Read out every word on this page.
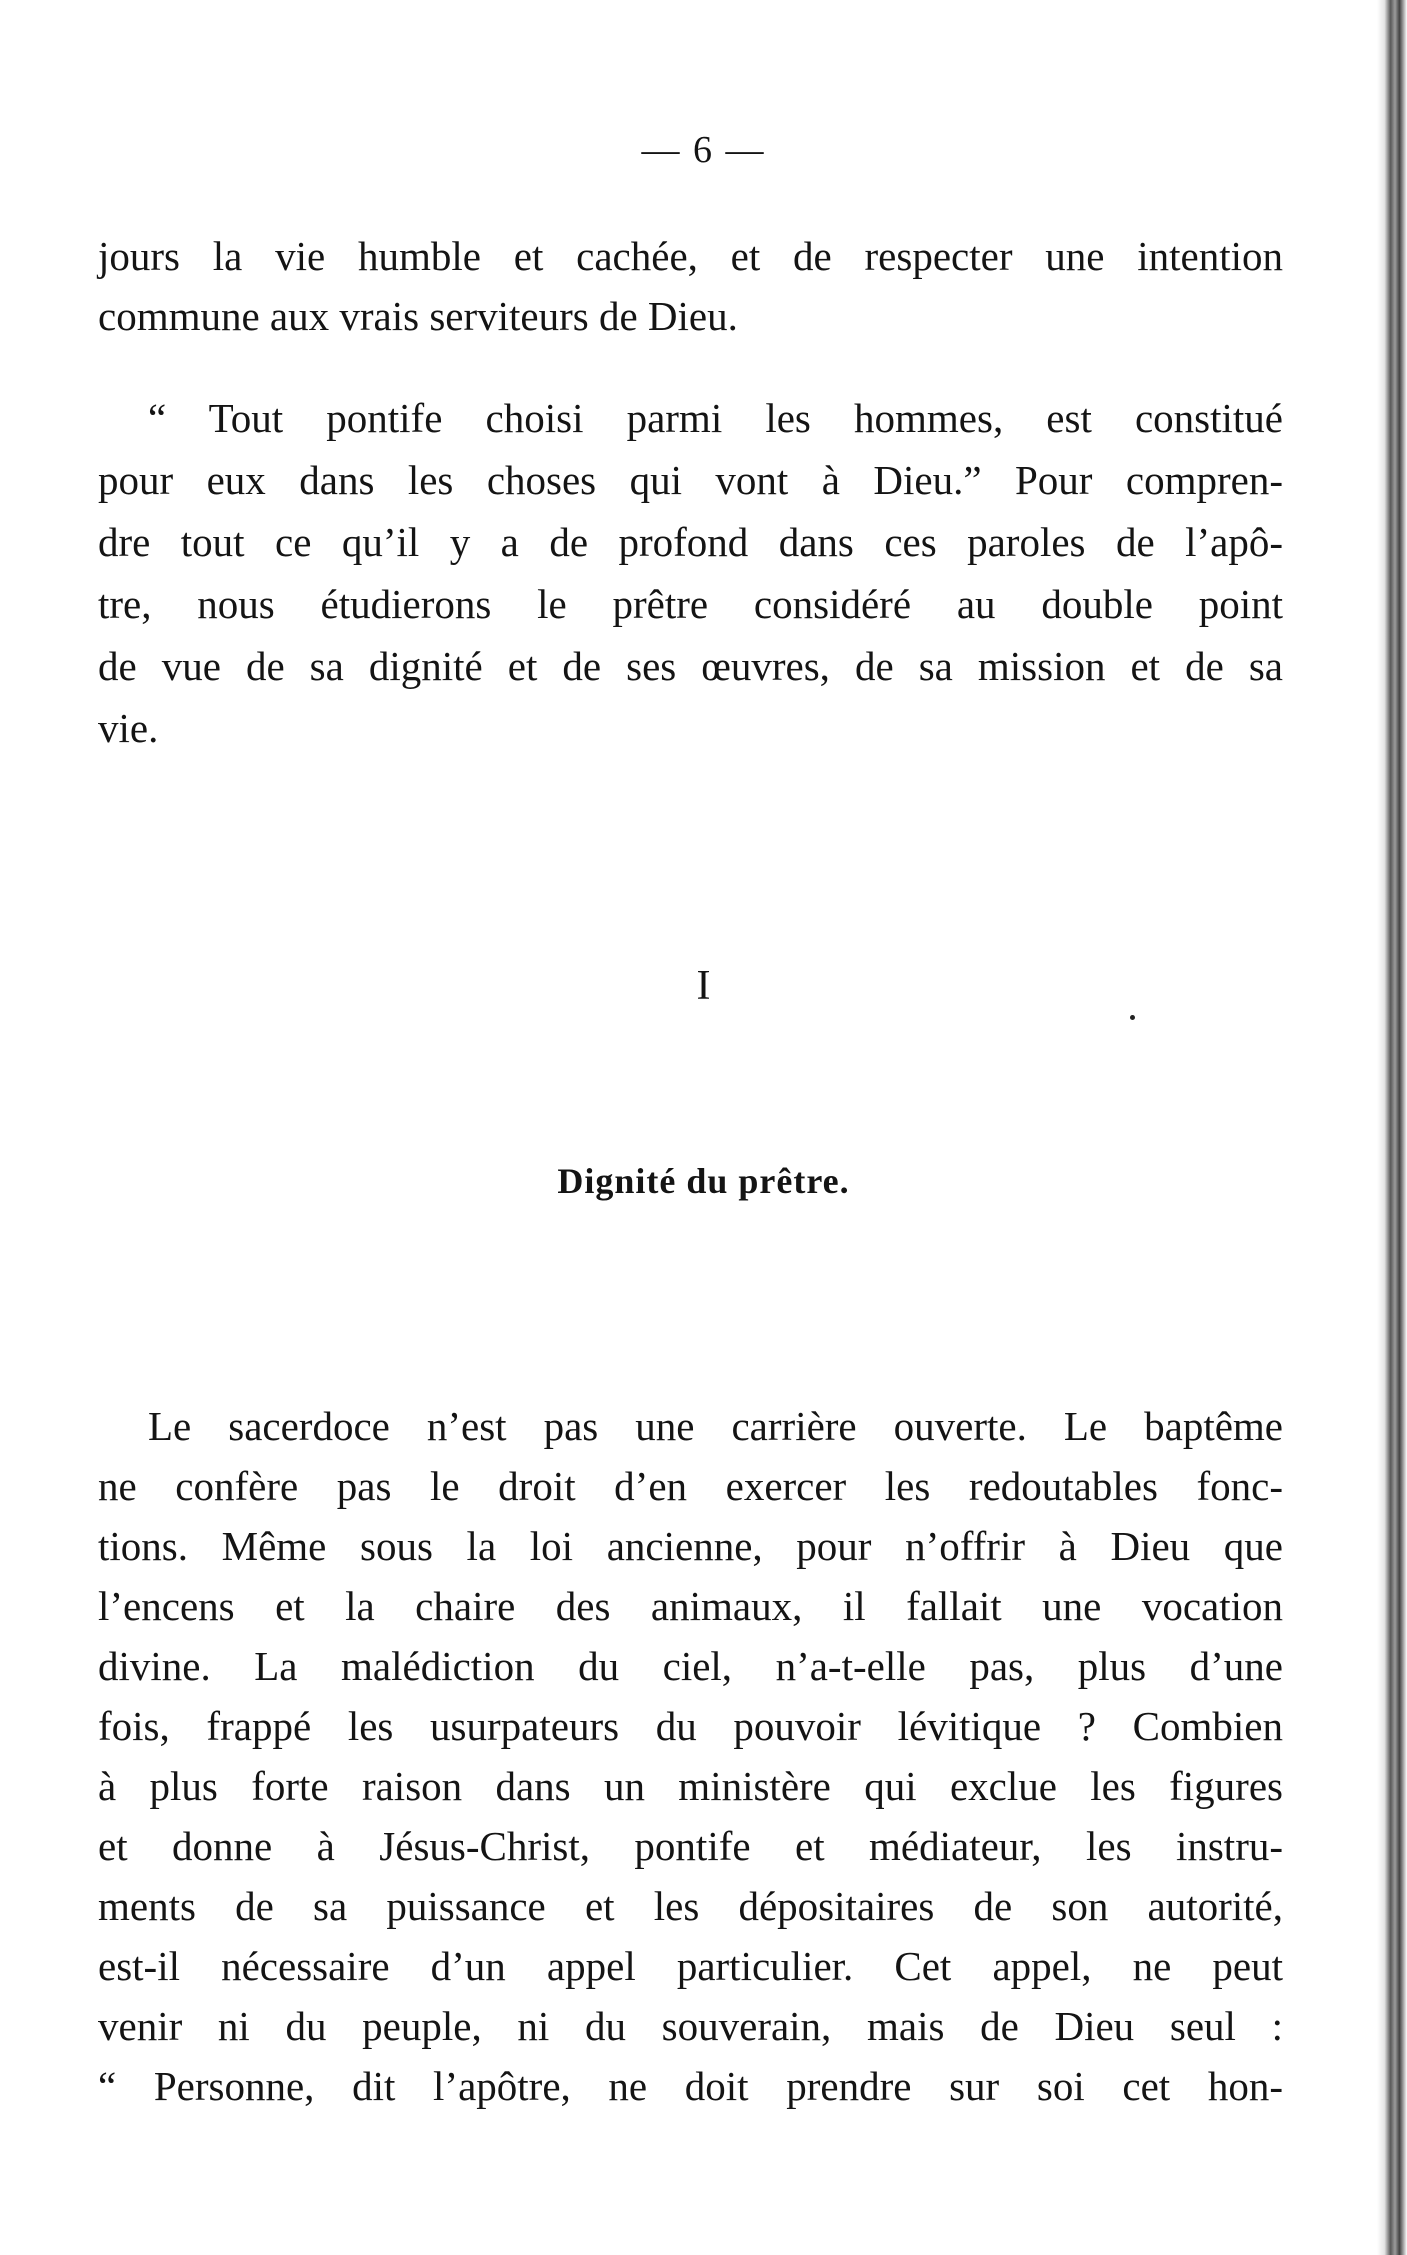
— 6 —
jours la vie humble et cachée, et de respecter une intention
commune aux vrais serviteurs de Dieu.
“ Tout pontife choisi parmi les hommes, est constitué
pour eux dans les choses qui vont à Dieu.” Pour compren-
dre tout ce qu’il y a de profond dans ces paroles de l’apô-
tre, nous étudierons le prêtre considéré au double point
de vue de sa dignité et de ses œuvres, de sa mission et de sa
vie.
I
Dignité du prêtre.
Le sacerdoce n’est pas une carrière ouverte. Le baptême
ne confère pas le droit d’en exercer les redoutables fonc-
tions. Même sous la loi ancienne, pour n’offrir à Dieu que
l’encens et la chaire des animaux, il fallait une vocation
divine. La malédiction du ciel, n’a-t-elle pas, plus d’une
fois, frappé les usurpateurs du pouvoir lévitique ? Combien
à plus forte raison dans un ministère qui exclue les figures
et donne à Jésus-Christ, pontife et médiateur, les instru-
ments de sa puissance et les dépositaires de son autorité,
est-il nécessaire d’un appel particulier. Cet appel, ne peut
venir ni du peuple, ni du souverain, mais de Dieu seul :
“ Personne, dit l’apôtre, ne doit prendre sur soi cet hon-
